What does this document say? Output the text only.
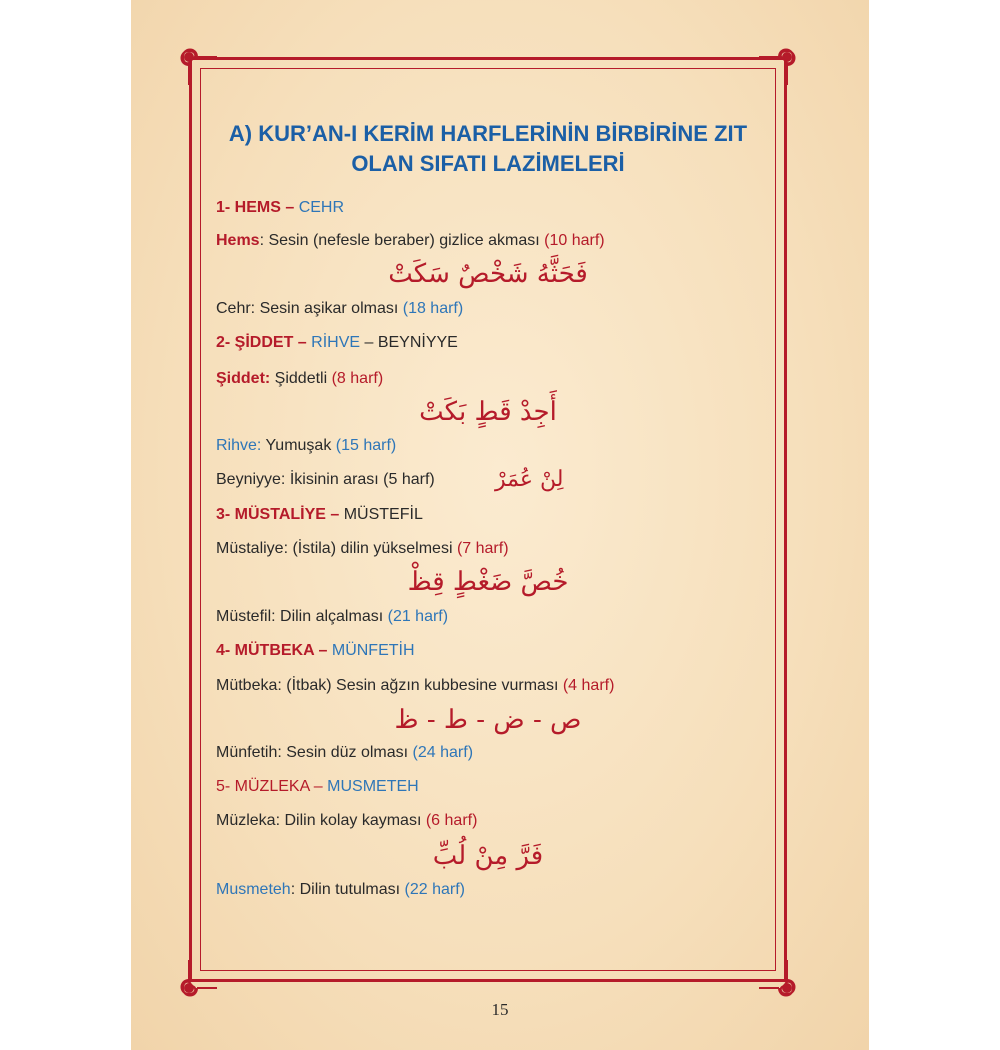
A) KUR’AN-I KERİM HARFLERİNİN BİRBİRİNE ZIT
OLAN SIFATI LAZİMELERİ
1- HEMS – CEHR
Hems: Sesin (nefesle beraber) gizlice akması (10 harf)
فَحَثَّهُ شَخْصٌ سَكَتْ
Cehr: Sesin aşikar olması (18 harf)
2- ŞİDDET – RİHVE – BEYNİYYE
Şiddet: Şiddetli (8 harf)
أَجِدْ قَطٍ بَكَتْ
Rihve: Yumuşak (15 harf)
Beyniyye: İkisinin arası (5 harf)	لِنْ عُمَرْ
3- MÜSTALİYE – MÜSTEFİL
Müstaliye: (İstila) dilin yükselmesi (7 harf)
خُصَّ ضَغْطٍ قِظْ
Müstefil: Dilin alçalması (21 harf)
4- MÜTBEKA – MÜNFETİH
Mütbeka: (İtbak) Sesin ağzın kubbesine vurması (4 harf)
ص - ض - ط - ظ
Münfetih: Sesin düz olması (24 harf)
5- MÜZLEKA – MUSMETEH
Müzleka: Dilin kolay kayması (6 harf)
فَرَّ مِنْ لُبِّ
Musmeteh: Dilin tutulması (22 harf)
15
